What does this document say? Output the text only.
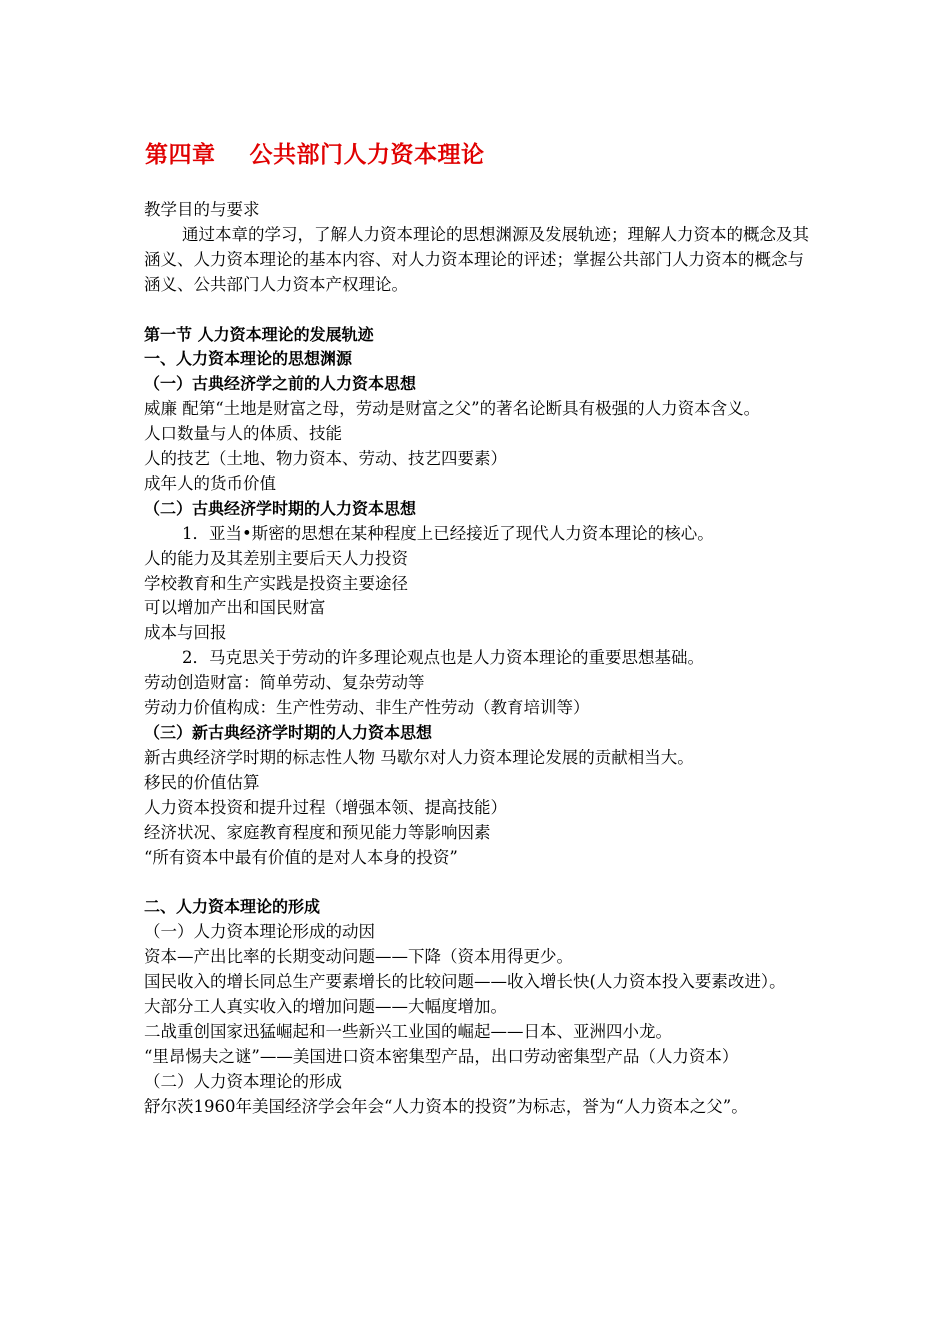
第四章    公共部门人力资本理论

教学目的与要求

通过本章的学习，了解人力资本理论的思想渊源及发展轨迹；理解人力资本的概念及其涵义、人力资本理论的基本内容、对人力资本理论的评述；掌握公共部门人力资本的概念与涵义、公共部门人力资本产权理论。

第一节 人力资本理论的发展轨迹

一、人力资本理论的思想渊源

（一）古典经济学之前的人力资本思想

威廉 配第“土地是财富之母，劳动是财富之父”的著名论断具有极强的人力资本含义。

人口数量与人的体质、技能

人的技艺（土地、物力资本、劳动、技艺四要素）

成年人的货币价值

（二）古典经济学时期的人力资本思想

1．亚当•斯密的思想在某种程度上已经接近了现代人力资本理论的核心。

人的能力及其差别主要后天人力投资

学校教育和生产实践是投资主要途径

可以增加产出和国民财富

成本与回报

2．马克思关于劳动的许多理论观点也是人力资本理论的重要思想基础。

劳动创造财富：简单劳动、复杂劳动等

劳动力价值构成：生产性劳动、非生产性劳动（教育培训等）

（三）新古典经济学时期的人力资本思想

新古典经济学时期的标志性人物 马歇尔对人力资本理论发展的贡献相当大。

移民的价值估算

人力资本投资和提升过程（增强本领、提高技能）

经济状况、家庭教育程度和预见能力等影响因素

“所有资本中最有价值的是对人本身的投资”

二、人力资本理论的形成

（一）人力资本理论形成的动因

资本—产出比率的长期变动问题——下降（资本用得更少。

国民收入的增长同总生产要素增长的比较问题——收入增长快(人力资本投入要素改进）。

大部分工人真实收入的增加问题——大幅度增加。

二战重创国家迅猛崛起和一些新兴工业国的崛起——日本、亚洲四小龙。

“里昂惕夫之谜”——美国进口资本密集型产品，出口劳动密集型产品（人力资本）

（二）人力资本理论的形成

舒尔茨1960年美国经济学会年会“人力资本的投资”为标志，誉为“人力资本之父”。
